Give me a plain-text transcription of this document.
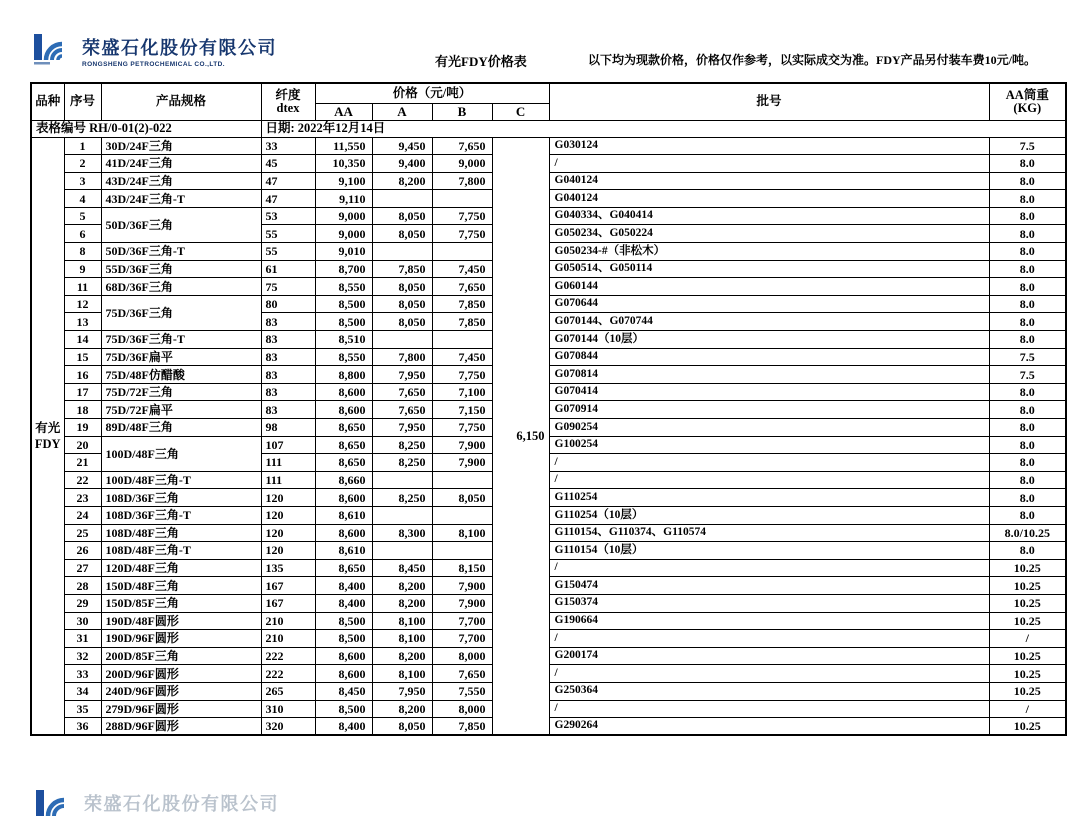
荣盛石化股份有限公司
RONGSHENG PETROCHEMICAL CO.,LTD.	有光FDY价格表	以下均为现款价格，价格仅作参考，以实际成交为准。FDY产品另付装车费10元/吨。
表格编号 RH/0-01(2)-022			日期: 2022年12月14日						
品种	序号	产品规格	纤度
dtex	价格（元/吨）				批号	AA筒重
(KG)
				AA	A	B	C		

有光
FDY	1	30D/24F三角	33	11,550	9,450	7,650	6,150	G030124	7.5
	2	41D/24F三角	45	10,350	9,400	9,000		/	8.0
	3	43D/24F三角	47	9,100	8,200	7,800		G040124	8.0
	4	43D/24F三角-T	47	9,110				G040124	8.0
	5	50D/36F三角	53	9,000	8,050	7,750		G040334、G040414	8.0
	6		55	9,000	8,050	7,750		G050234、G050224	8.0
	8	50D/36F三角-T	55	9,010				G050234-#（非松木）	8.0
	9	55D/36F三角	61	8,700	7,850	7,450		G050514、G050114	8.0
	11	68D/36F三角	75	8,550	8,050	7,650		G060144	8.0
	12	75D/36F三角	80	8,500	8,050	7,850		G070644	8.0
	13		83	8,500	8,050	7,850		G070144、G070744	8.0
	14	75D/36F三角-T	83	8,510				G070144（10层）	8.0
	15	75D/36F扁平	83	8,550	7,800	7,450		G070844	7.5
	16	75D/48F仿醋酸	83	8,800	7,950	7,750		G070814	7.5
	17	75D/72F三角	83	8,600	7,650	7,100		G070414	8.0
	18	75D/72F扁平	83	8,600	7,650	7,150		G070914	8.0
	19	89D/48F三角	98	8,650	7,950	7,750		G090254	8.0
	20	100D/48F三角	107	8,650	8,250	7,900		G100254	8.0
	21		111	8,650	8,250	7,900		/	8.0
	22	100D/48F三角-T	111	8,660				/	8.0
	23	108D/36F三角	120	8,600	8,250	8,050		G110254	8.0
	24	108D/36F三角-T	120	8,610				G110254（10层）	8.0
	25	108D/48F三角	120	8,600	8,300	8,100		G110154、G110374、G110574	8.0/10.25
	26	108D/48F三角-T	120	8,610				G110154（10层）	8.0
	27	120D/48F三角	135	8,650	8,450	8,150		/	10.25
	28	150D/48F三角	167	8,400	8,200	7,900		G150474	10.25
	29	150D/85F三角	167	8,400	8,200	7,900		G150374	10.25
	30	190D/48F圆形	210	8,500	8,100	7,700		G190664	10.25
	31	190D/96F圆形	210	8,500	8,100	7,700		/	/
	32	200D/85F三角	222	8,600	8,200	8,000		G200174	10.25
	33	200D/96F圆形	222	8,600	8,100	7,650		/	10.25
	34	240D/96F圆形	265	8,450	7,950	7,550		G250364	10.25
	35	279D/96F圆形	310	8,500	8,200	8,000		/	/
	36	288D/96F圆形	320	8,400	8,050	7,850		G290264	10.25
荣盛石化股份有限公司
